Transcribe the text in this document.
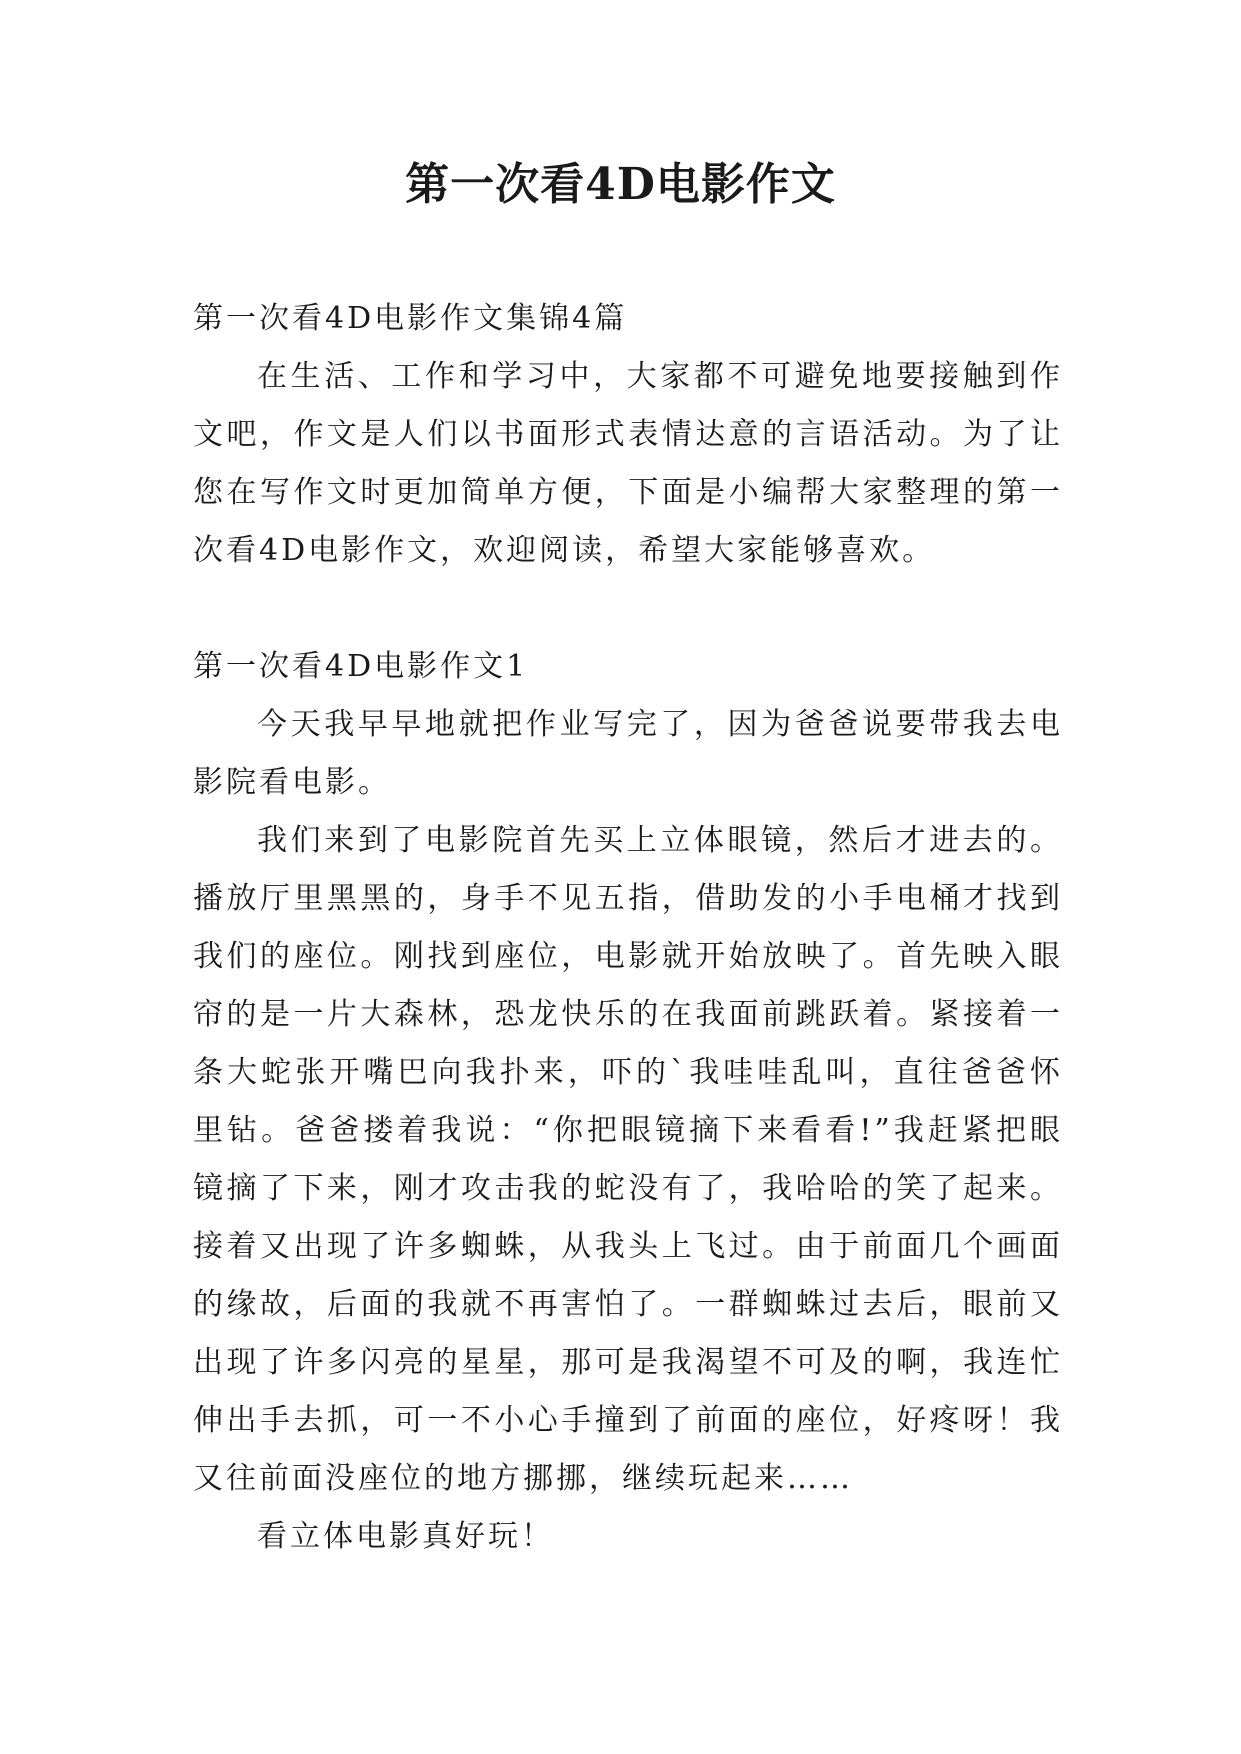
第一次看4D电影作文

第一次看4D电影作文集锦4篇

在生活、工作和学习中，大家都不可避免地要接触到作文吧，作文是人们以书面形式表情达意的言语活动。为了让您在写作文时更加简单方便，下面是小编帮大家整理的第一次看4D电影作文，欢迎阅读，希望大家能够喜欢。

第一次看4D电影作文1

今天我早早地就把作业写完了，因为爸爸说要带我去电影院看电影。

我们来到了电影院首先买上立体眼镜，然后才进去的。播放厅里黑黑的，身手不见五指，借助发的小手电桶才找到我们的座位。刚找到座位，电影就开始放映了。首先映入眼帘的是一片大森林，恐龙快乐的在我面前跳跃着。紧接着一条大蛇张开嘴巴向我扑来，吓的`我哇哇乱叫，直往爸爸怀里钻。爸爸搂着我说：“你把眼镜摘下来看看!”我赶紧把眼镜摘了下来，刚才攻击我的蛇没有了，我哈哈的笑了起来。接着又出现了许多蜘蛛，从我头上飞过。由于前面几个画面的缘故，后面的我就不再害怕了。一群蜘蛛过去后，眼前又出现了许多闪亮的星星，那可是我渴望不可及的啊，我连忙伸出手去抓，可一不小心手撞到了前面的座位，好疼呀！我又往前面没座位的地方挪挪，继续玩起来……

看立体电影真好玩！
